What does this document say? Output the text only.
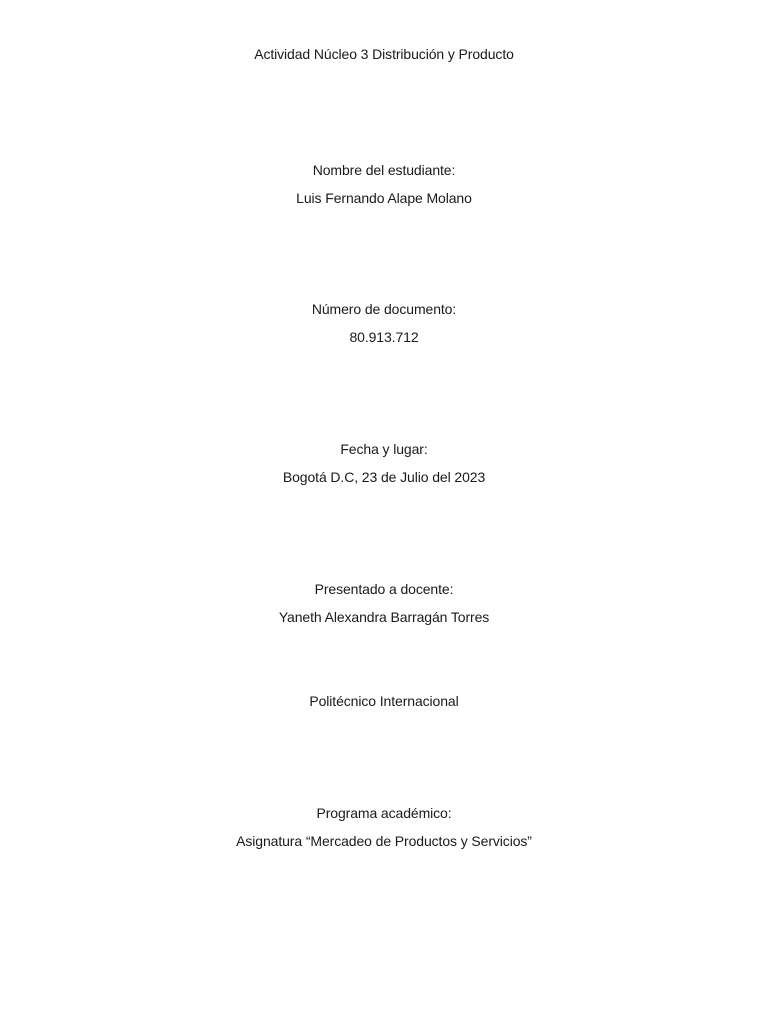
Actividad Núcleo 3 Distribución y Producto
Nombre del estudiante:
Luis Fernando Alape Molano
Número de documento:
80.913.712
Fecha y lugar:
Bogotá D.C, 23 de Julio del 2023
Presentado a docente:
Yaneth Alexandra Barragán Torres
Politécnico Internacional
Programa académico:
Asignatura “Mercadeo de Productos y Servicios”
